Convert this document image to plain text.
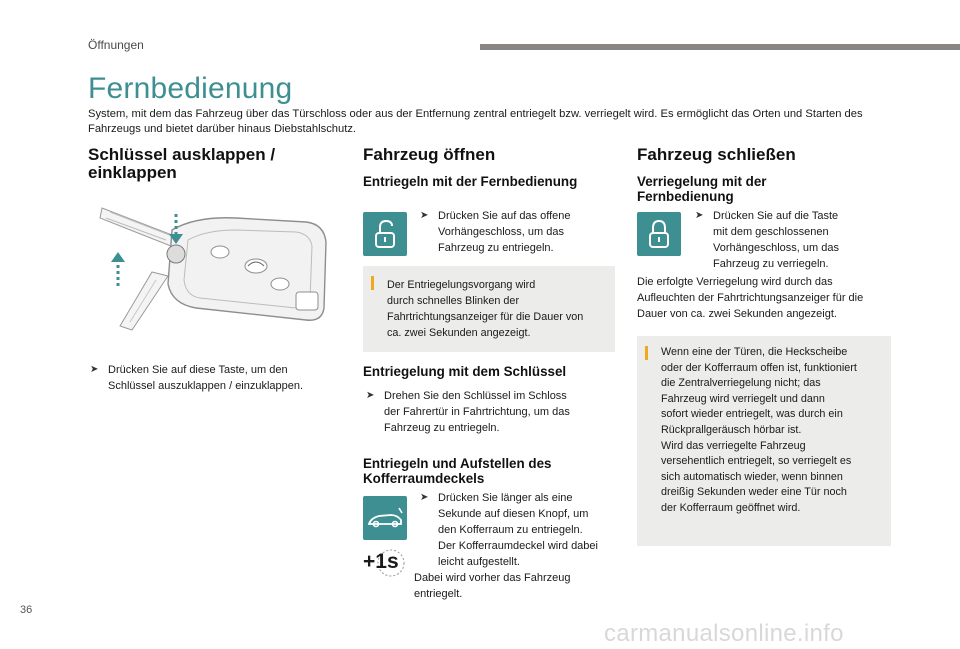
Öffnungen
Fernbedienung
System, mit dem das Fahrzeug über das Türschloss oder aus der Entfernung zentral entriegelt bzw. verriegelt wird. Es ermöglicht das Orten und Starten des Fahrzeugs und bietet darüber hinaus Diebstahlschutz.
Schlüssel ausklappen /
einklappen
➤ Drücken Sie auf diese Taste, um den
Schlüssel auszuklappen / einzuklappen.
Fahrzeug öffnen
Entriegeln mit der Fernbedienung
➤ Drücken Sie auf das offene
Vorhängeschloss, um das
Fahrzeug zu entriegeln.
Der Entriegelungsvorgang wird
durch schnelles Blinken der
Fahrtrichtungsanzeiger für die Dauer von
ca. zwei Sekunden angezeigt.
Entriegelung mit dem Schlüssel
➤ Drehen Sie den Schlüssel im Schloss
der Fahrertür in Fahrtrichtung, um das
Fahrzeug zu entriegeln.
Entriegeln und Aufstellen des
Kofferraumdeckels
+1s
➤ Drücken Sie länger als eine
Sekunde auf diesen Knopf, um
den Kofferraum zu entriegeln.
Der Kofferraumdeckel wird dabei
leicht aufgestellt.
Dabei wird vorher das Fahrzeug
entriegelt.
Fahrzeug schließen
Verriegelung mit der
Fernbedienung
➤ Drücken Sie auf die Taste
mit dem geschlossenen
Vorhängeschloss, um das
Fahrzeug zu verriegeln.
Die erfolgte Verriegelung wird durch das
Aufleuchten der Fahrtrichtungsanzeiger für die
Dauer von ca. zwei Sekunden angezeigt.
Wenn eine der Türen, die Heckscheibe
oder der Kofferraum offen ist, funktioniert
die Zentralverriegelung nicht; das
Fahrzeug wird verriegelt und dann
sofort wieder entriegelt, was durch ein
Rückprallgeräusch hörbar ist.
Wird das verriegelte Fahrzeug
versehentlich entriegelt, so verriegelt es
sich automatisch wieder, wenn binnen
dreißig Sekunden weder eine Tür noch
der Kofferraum geöffnet wird.
36
carmanualsonline.info
